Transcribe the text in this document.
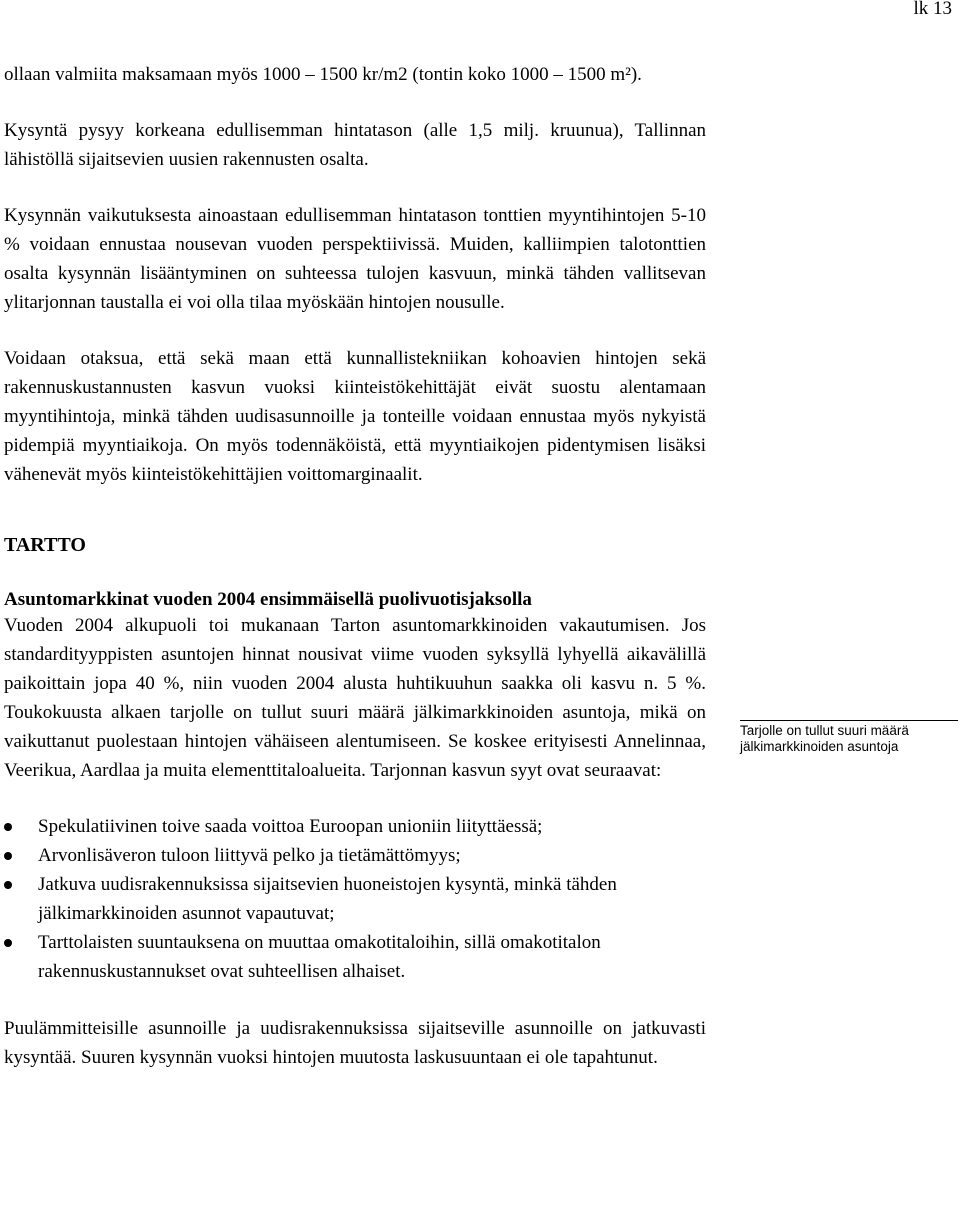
lk 13

ollaan valmiita maksamaan myös 1000 – 1500 kr/m2 (tontin koko 1000 – 1500 m²).

Kysyntä pysyy korkeana edullisemman hintatason (alle 1,5 milj. kruunua), Tallinnan lähistöllä sijaitsevien uusien rakennusten osalta.

Kysynnän vaikutuksesta ainoastaan edullisemman hintatason tonttien myyntihintojen 5-10 % voidaan ennustaa nousevan vuoden perspektiivissä. Muiden, kalliimpien talotonttien osalta kysynnän lisääntyminen on suhteessa tulojen kasvuun, minkä tähden vallitsevan ylitarjonnan taustalla ei voi olla tilaa myöskään hintojen nousulle.

Voidaan otaksua, että sekä maan että kunnallistekniikan kohoavien hintojen sekä rakennuskustannusten kasvun vuoksi kiinteistökehittäjät eivät suostu alentamaan myyntihintoja, minkä tähden uudisasunnoille ja tonteille voidaan ennustaa myös nykyistä pidempiä myyntiaikoja. On myös todennäköistä, että myyntiaikojen pidentymisen lisäksi vähenevät myös kiinteistökehittäjien voittomarginaalit.

TARTTO
Asuntomarkkinat vuoden 2004 ensimmäisellä puolivuotisjaksolla

Vuoden 2004 alkupuoli toi mukanaan Tarton asuntomarkkinoiden vakautumisen. Jos standardityyppisten asuntojen hinnat nousivat viime vuoden syksyllä lyhyellä aikavälillä paikoittain jopa 40 %, niin vuoden 2004 alusta huhtikuuhun saakka oli kasvu n. 5 %. Toukokuusta alkaen tarjolle on tullut suuri määrä jälkimarkkinoiden asuntoja, mikä on vaikuttanut puolestaan hintojen vähäiseen alentumiseen. Se koskee erityisesti Annelinnaa, Veerikua, Aardlaa ja muita elementtitaloalueita. Tarjonnan kasvun syyt ovat seuraavat:

Spekulatiivinen toive saada voittoa Euroopan unioniin liityttäessä;
Arvonlisäveron tuloon liittyvä pelko ja tietämättömyys;
Jatkuva uudisrakennuksissa sijaitsevien huoneistojen kysyntä, minkä tähden jälkimarkkinoiden asunnot vapautuvat;
Tarttolaisten suuntauksena on muuttaa omakotitaloihin, sillä omakotitalon rakennuskustannukset ovat suhteellisen alhaiset.

Puulämmitteisille asunnoille ja uudisrakennuksissa sijaitseville asunnoille on jatkuvasti kysyntää. Suuren kysynnän vuoksi hintojen muutosta laskusuuntaan ei ole tapahtunut.

Tarjolle on tullut suuri määrä jälkimarkkinoiden asuntoja
